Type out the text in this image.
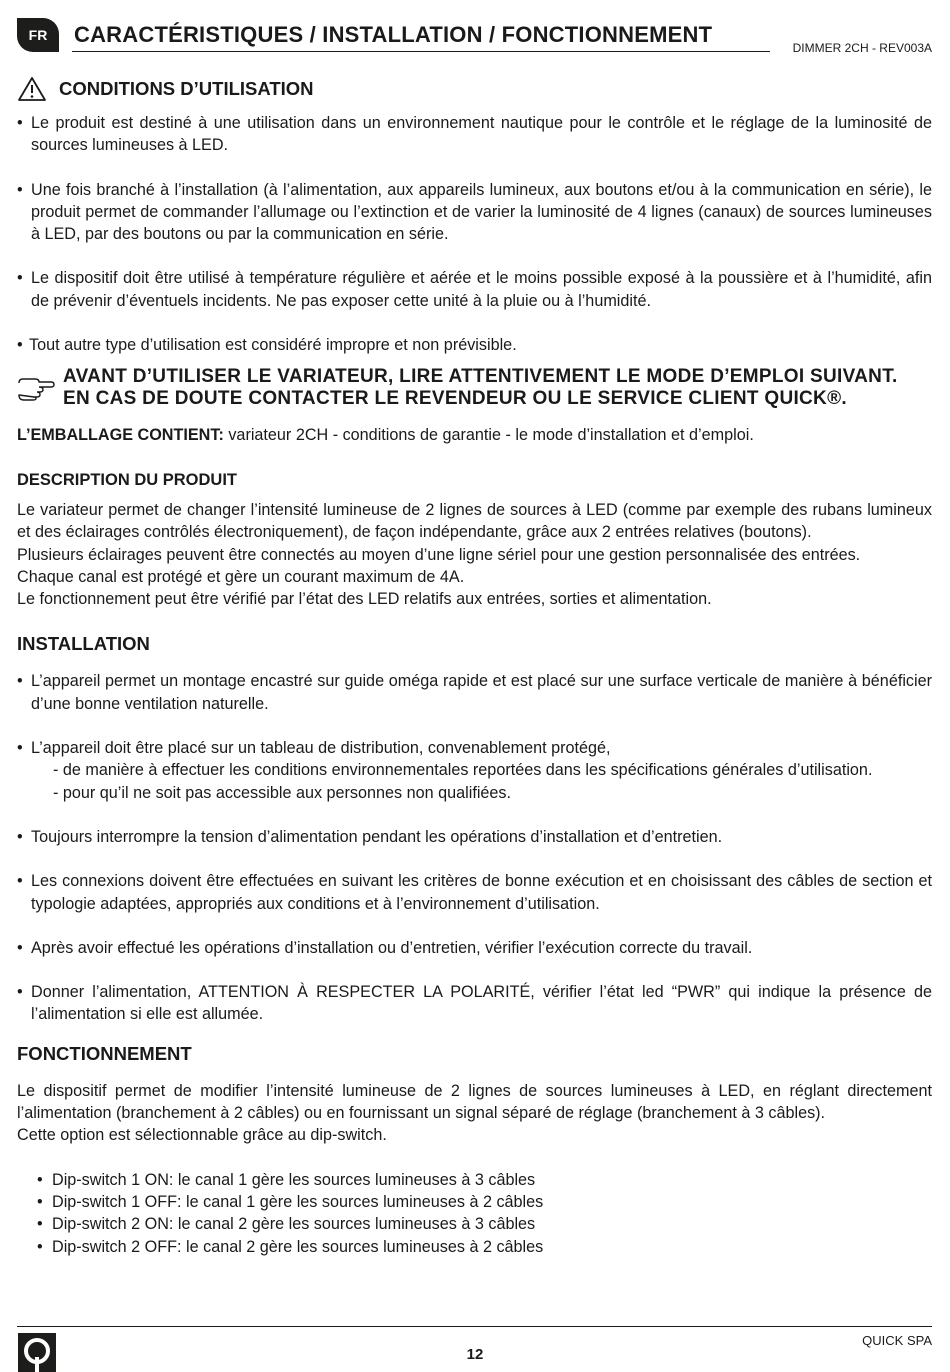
FR	CARACTÉRISTIQUES / INSTALLATION / FONCTIONNEMENT
DIMMER 2CH - REV003A
CONDITIONS D’UTILISATION
• Le produit est destiné à une utilisation dans un environnement nautique pour le contrôle et le réglage de la luminosité de sources lumineuses à LED.
• Une fois branché à l’installation (à l’alimentation, aux appareils lumineux, aux boutons et/ou à la communication en série), le produit permet de commander l’allumage ou l’extinction et de varier la luminosité de 4 lignes (canaux) de sources lumineuses à LED, par des boutons ou par la communication en série.
• Le dispositif doit être utilisé à température régulière et aérée et le moins possible exposé à la poussière et à l’humidité, afin de prévenir d’éventuels incidents. Ne pas exposer cette unité à la pluie ou à l’humidité.
• Tout autre type d’utilisation est considéré impropre et non prévisible.
AVANT D’UTILISER LE VARIATEUR, LIRE ATTENTIVEMENT LE MODE D’EMPLOI SUIVANT.
EN CAS DE DOUTE CONTACTER LE REVENDEUR OU LE SERVICE CLIENT QUICK®.
L’EMBALLAGE CONTIENT: variateur 2CH - conditions de garantie - le mode d’installation et d’emploi.
DESCRIPTION DU PRODUIT
Le variateur permet de changer l’intensité lumineuse de 2 lignes de sources à LED (comme par exemple des rubans lumineux et des éclairages contrôlés électroniquement), de façon indépendante, grâce aux 2 entrées relatives (boutons).
Plusieurs éclairages peuvent être connectés au moyen d’une ligne sériel pour une gestion personnalisée des entrées.
Chaque canal est protégé et gère un courant maximum de 4A.
Le fonctionnement peut être vérifié par l’état des LED relatifs aux entrées, sorties et alimentation.
INSTALLATION
• L’appareil permet un montage encastré sur guide oméga rapide et est placé sur une surface verticale de manière à bénéficier d’une bonne ventilation naturelle.
• L’appareil doit être placé sur un tableau de distribution, convenablement protégé,
- de manière à effectuer les conditions environnementales reportées dans les spécifications générales d’utilisation.
- pour qu’il ne soit pas accessible aux personnes non qualifiées.
• Toujours interrompre la tension d’alimentation pendant les opérations d’installation et d’entretien.
• Les connexions doivent être effectuées en suivant les critères de bonne exécution et en choisissant des câbles de section et typologie adaptées, appropriés aux conditions et à l’environnement d’utilisation.
• Après avoir effectué les opérations d’installation ou d’entretien, vérifier l’exécution correcte du travail.
• Donner l’alimentation, ATTENTION À RESPECTER LA POLARITÉ, vérifier l’état led “PWR” qui indique la présence de l’alimentation si elle est allumée.
FONCTIONNEMENT
Le dispositif permet de modifier l’intensité lumineuse de 2 lignes de sources lumineuses à LED, en réglant directement l’alimentation (branchement à 2 câbles) ou en fournissant un signal séparé de réglage (branchement à 3 câbles).
Cette option est sélectionnable grâce au dip-switch.
• Dip-switch 1 ON: le canal 1 gère les sources lumineuses à 3 câbles
• Dip-switch 1 OFF: le canal 1 gère les sources lumineuses à 2 câbles
• Dip-switch 2 ON: le canal 2 gère les sources lumineuses à 3 câbles
• Dip-switch 2 OFF: le canal 2 gère les sources lumineuses à 2 câbles
12
QUICK SPA
